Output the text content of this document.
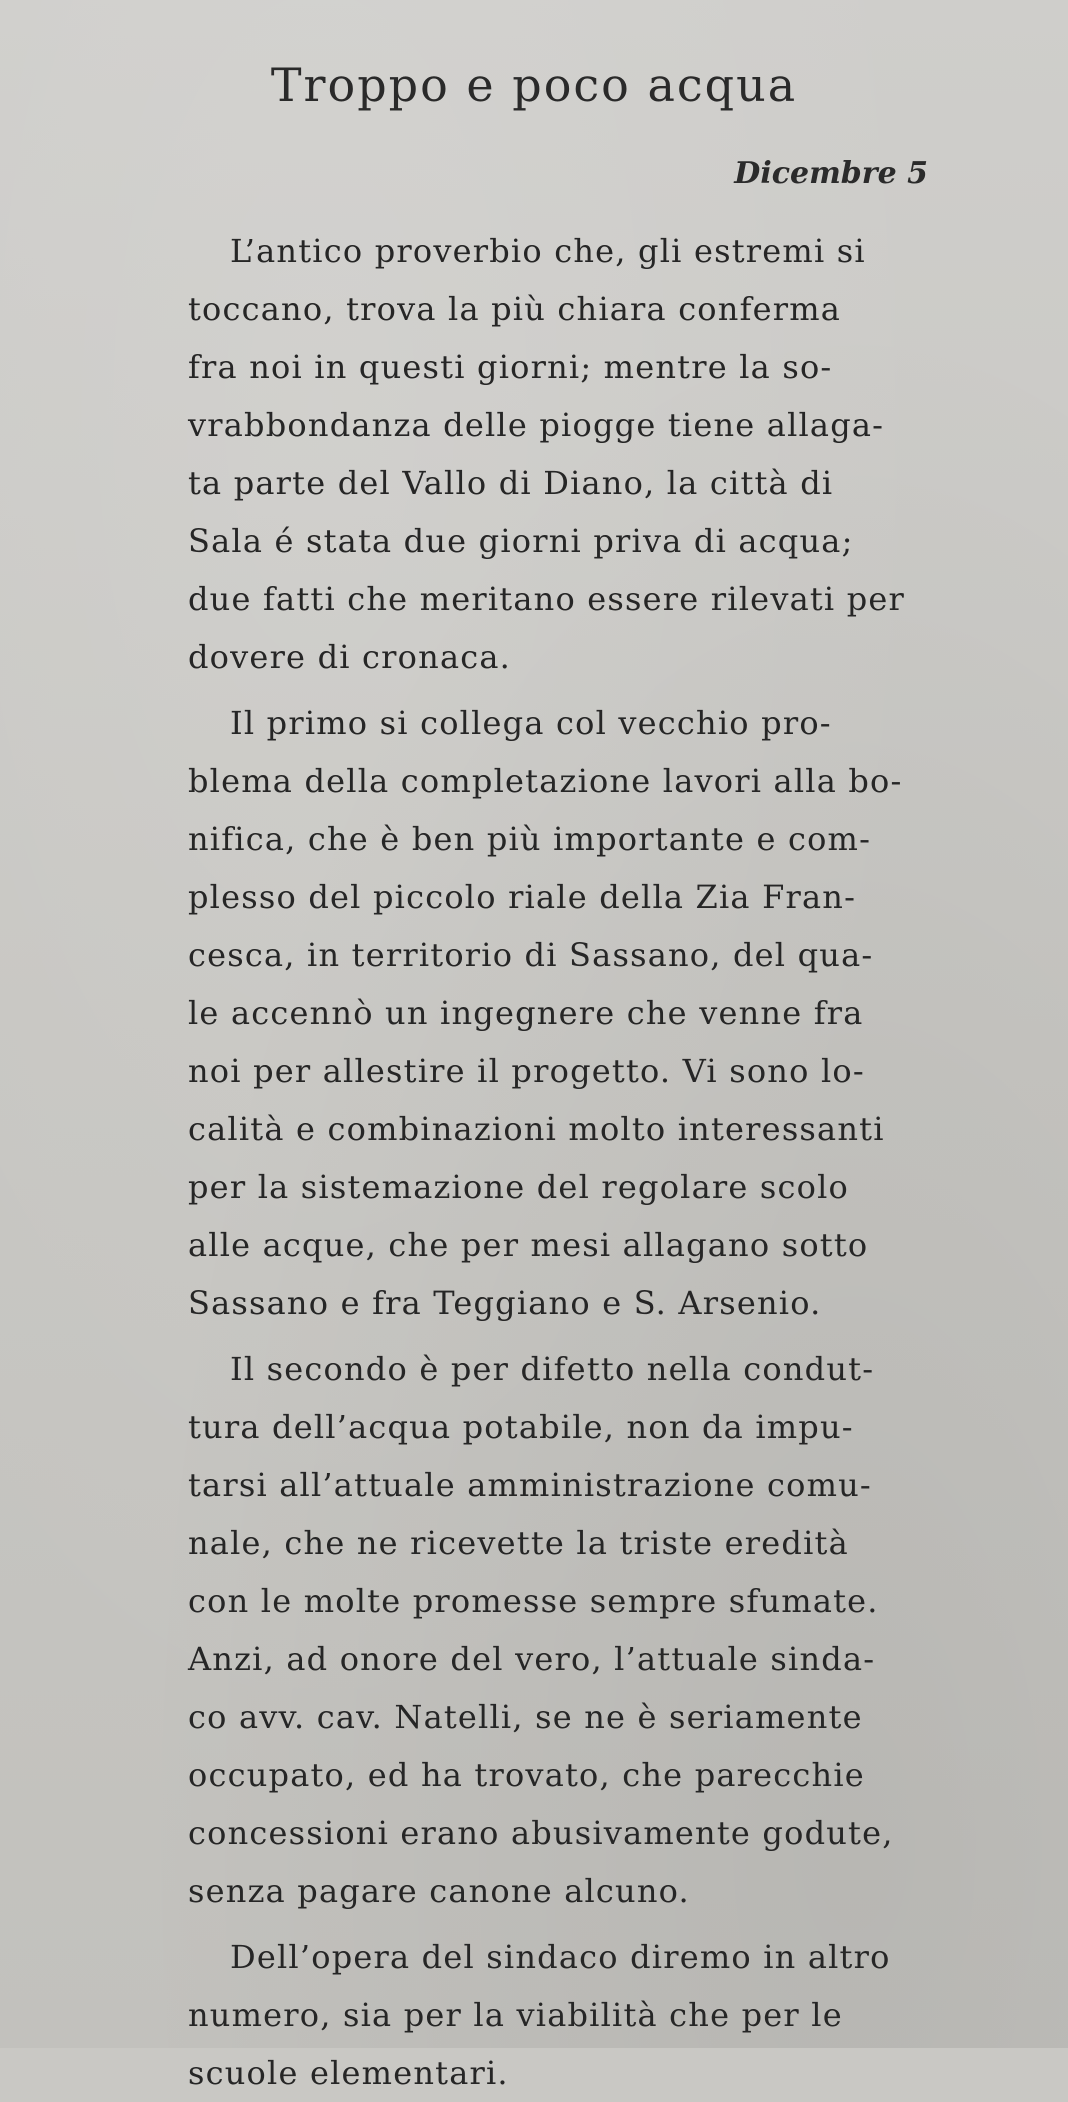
Troppo e poco acqua
Dicembre 5
L’antico proverbio che, gli estremi si
toccano, trova la più chiara conferma
fra noi in questi giorni; mentre la so-
vrabbondanza delle piogge tiene allaga-
ta parte del Vallo di Diano, la città di
Sala é stata due giorni priva di acqua;
due fatti che meritano essere rilevati per
dovere di cronaca.
Il primo si collega col vecchio pro-
blema della completazione lavori alla bo-
nifica, che è ben più importante e com-
plesso del piccolo riale della Zia Fran-
cesca, in territorio di Sassano, del qua-
le accennò un ingegnere che venne fra
noi per allestire il progetto. Vi sono lo-
calità e combinazioni molto interessanti
per la sistemazione del regolare scolo
alle acque, che per mesi allagano sotto
Sassano e fra Teggiano e S. Arsenio.
Il secondo è per difetto nella condut-
tura dell’acqua potabile, non da impu-
tarsi all’attuale amministrazione comu-
nale, che ne ricevette la triste eredità
con le molte promesse sempre sfumate.
Anzi, ad onore del vero, l’attuale sinda-
co avv. cav. Natelli, se ne è seriamente
occupato, ed ha trovato, che parecchie
concessioni erano abusivamente godute,
senza pagare canone alcuno.
Dell’opera del sindaco diremo in altro
numero, sia per la viabilità che per le
scuole elementari.
